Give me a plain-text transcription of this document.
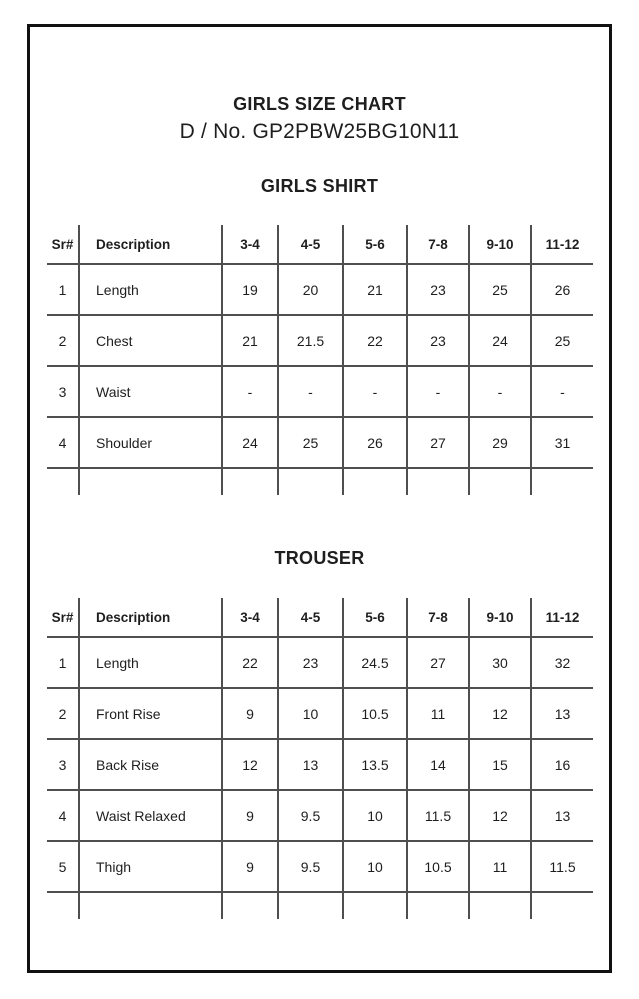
GIRLS SIZE CHART
D / No. GP2PBW25BG10N11
GIRLS SHIRT
Sr#	Description	3-4	4-5	5-6	7-8	9-10	11-12
1	Length	19	20	21	23	25	26
2	Chest	21	21.5	22	23	24	25
3	Waist	-	-	-	-	-	-
4	Shoulder	24	25	26	27	29	31

TROUSER
Sr#	Description	3-4	4-5	5-6	7-8	9-10	11-12
1	Length	22	23	24.5	27	30	32
2	Front Rise	9	10	10.5	11	12	13
3	Back Rise	12	13	13.5	14	15	16
4	Waist Relaxed	9	9.5	10	11.5	12	13
5	Thigh	9	9.5	10	10.5	11	11.5
